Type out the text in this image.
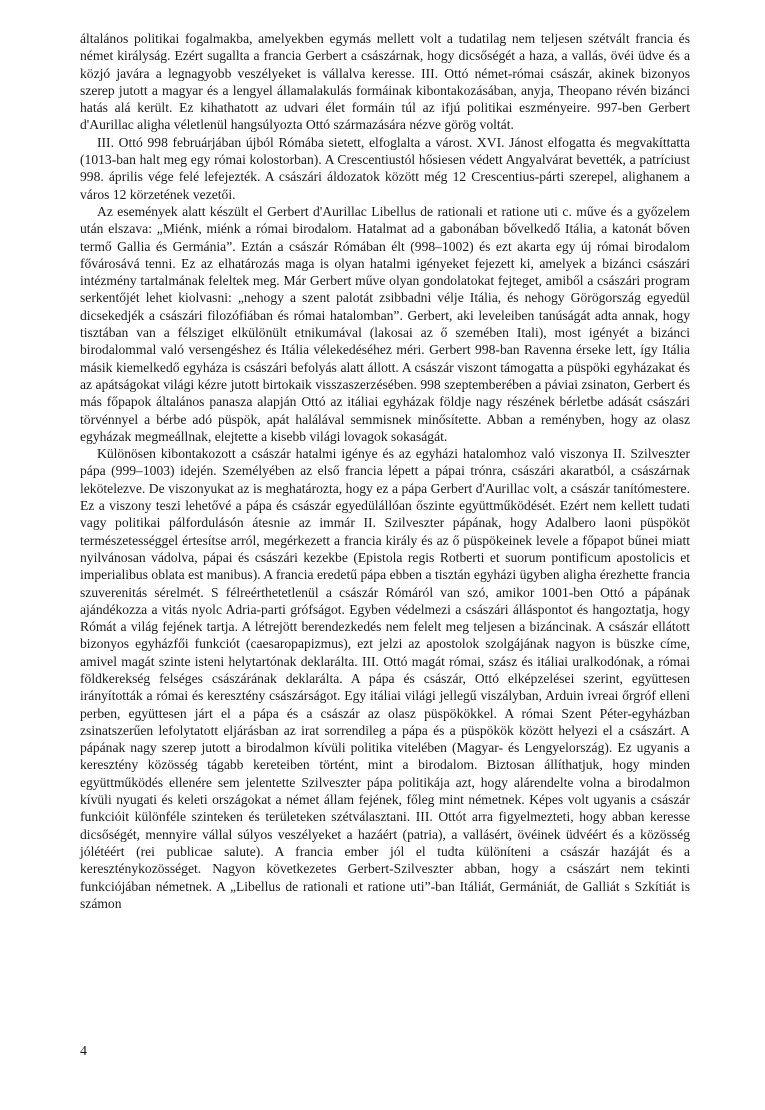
általános politikai fogalmakba, amelyekben egymás mellett volt a tudatilag nem teljesen szétvált francia és német királyság. Ezért sugallta a francia Gerbert a császárnak, hogy dicsőségét a haza, a vallás, övéi üdve és a közjó javára a legnagyobb veszélyeket is vállalva keresse. III. Ottó német-római császár, akinek bizonyos szerep jutott a magyar és a lengyel államalakulás formáinak kibontakozásában, anyja, Theopano révén bizánci hatás alá került. Ez kihathatott az udvari élet formáin túl az ifjú politikai eszményeire. 997-ben Gerbert d'Aurillac aligha véletlenül hangsúlyozta Ottó származására nézve görög voltát.

III. Ottó 998 februárjában újból Rómába sietett, elfoglalta a várost. XVI. Jánost elfogatta és megvakíttatta (1013-ban halt meg egy római kolostorban). A Crescentiustól hősiesen védett Angyalvárat bevették, a patríciust 998. április vége felé lefejezték. A császári áldozatok között még 12 Crescentius-párti szerepel, alighanem a város 12 körzetének vezetői.

Az események alatt készült el Gerbert d'Aurillac Libellus de rationali et ratione uti c. műve és a győzelem után elszava: „Miénk, miénk a római birodalom. Hatalmat ad a gabonában bővelkedő Itália, a katonát bőven termő Gallia és Germánia”. Eztán a császár Rómában élt (998–1002) és ezt akarta egy új római birodalom fővárosává tenni. Ez az elhatározás maga is olyan hatalmi igényeket fejezett ki, amelyek a bizánci császári intézmény tartalmának feleltek meg. Már Gerbert műve olyan gondolatokat fejteget, amiből a császári program serkentőjét lehet kiolvasni: „nehogy a szent palotát zsibbadni vélje Itália, és nehogy Görögország egyedül dicsekedjék a császári filozófiában és római hatalomban”. Gerbert, aki leveleiben tanúságát adta annak, hogy tisztában van a félsziget elkülönült etnikumával (lakosai az ő szemében Itali), most igényét a bizánci birodalommal való versengéshez és Itália vélekedéséhez méri. Gerbert 998-ban Ravenna érseke lett, így Itália másik kiemelkedő egyháza is császári befolyás alatt állott. A császár viszont támogatta a püspöki egyházakat és az apátságokat világi kézre jutott birtokaik visszaszerzésében. 998 szeptemberében a páviai zsinaton, Gerbert és más főpapok általános panasza alapján Ottó az itáliai egyházak földje nagy részének bérletbe adását császári törvénnyel a bérbe adó püspök, apát halálával semmisnek minősítette. Abban a reményben, hogy az olasz egyházak megmeállnak, elejtette a kisebb világi lovagok sokaságát.

Különösen kibontakozott a császár hatalmi igénye és az egyházi hatalomhoz való viszonya II. Szilveszter pápa (999–1003) idején. Személyében az első francia lépett a pápai trónra, császári akaratból, a császárnak lekötelezve. De viszonyukat az is meghatározta, hogy ez a pápa Gerbert d'Aurillac volt, a császár tanítómestere. Ez a viszony teszi lehetővé a pápa és császár egyedülállóan őszinte együttműködését. Ezért nem kellett tudati vagy politikai pálfordulásón átesnie az immár II. Szilveszter pápának, hogy Adalbero laoni püspököt természetességgel értesítse arról, megérkezett a francia király és az ő püspökeinek levele a főpapot bűnei miatt nyilvánosan vádolva, pápai és császári kezekbe (Epistola regis Rotberti et suorum pontificum apostolicis et imperialibus oblata est manibus). A francia eredetű pápa ebben a tisztán egyházi ügyben aligha érezhette francia szuverenitás sérelmét. S félreérthetetlenül a császár Rómáról van szó, amikor 1001-ben Ottó a pápának ajándékozza a vitás nyolc Adria-parti grófságot. Egyben védelmezi a császári álláspontot és hangoztatja, hogy Rómát a világ fejének tartja. A létrejött berendezkedés nem felelt meg teljesen a bizáncinak. A császár ellátott bizonyos egyházfői funkciót (caesaropapizmus), ezt jelzi az apostolok szolgájának nagyon is büszke címe, amivel magát szinte isteni helytartónak deklarálta. III. Ottó magát római, szász és itáliai uralkodónak, a római földkerekség felséges császárának deklarálta. A pápa és császár, Ottó elképzelései szerint, együttesen irányították a római és keresztény császárságot. Egy itáliai világi jellegű viszályban, Arduin ivreai őrgróf elleni perben, együttesen járt el a pápa és a császár az olasz püspökökkel. A római Szent Péter-egyházban zsinatszerűen lefolytatott eljárásban az irat sorrendileg a pápa és a püspökök között helyezi el a császárt. A pápának nagy szerep jutott a birodalmon kívüli politika vitelében (Magyar- és Lengyelország). Ez ugyanis a keresztény közösség tágabb kereteiben történt, mint a birodalom. Biztosan állíthatjuk, hogy minden együttműködés ellenére sem jelentette Szilveszter pápa politikája azt, hogy alárendelte volna a birodalmon kívüli nyugati és keleti országokat a német állam fejének, főleg mint németnek. Képes volt ugyanis a császár funkcióit különféle szinteken és területeken szétválasztani. III. Ottót arra figyelmezteti, hogy abban keresse dicsőségét, mennyire vállal súlyos veszélyeket a hazáért (patria), a vallásért, övéinek üdvéért és a közösség jólétéért (rei publicae salute). A francia ember jól el tudta különíteni a császár hazáját és a kereszténykozösséget. Nagyon következetes Gerbert-Szilveszter abban, hogy a császárt nem tekinti funkciójában németnek. A „Libellus de rationali et ratione uti”-ban Itáliát, Germániát, de Galliát s Szkítiát is számon

4
